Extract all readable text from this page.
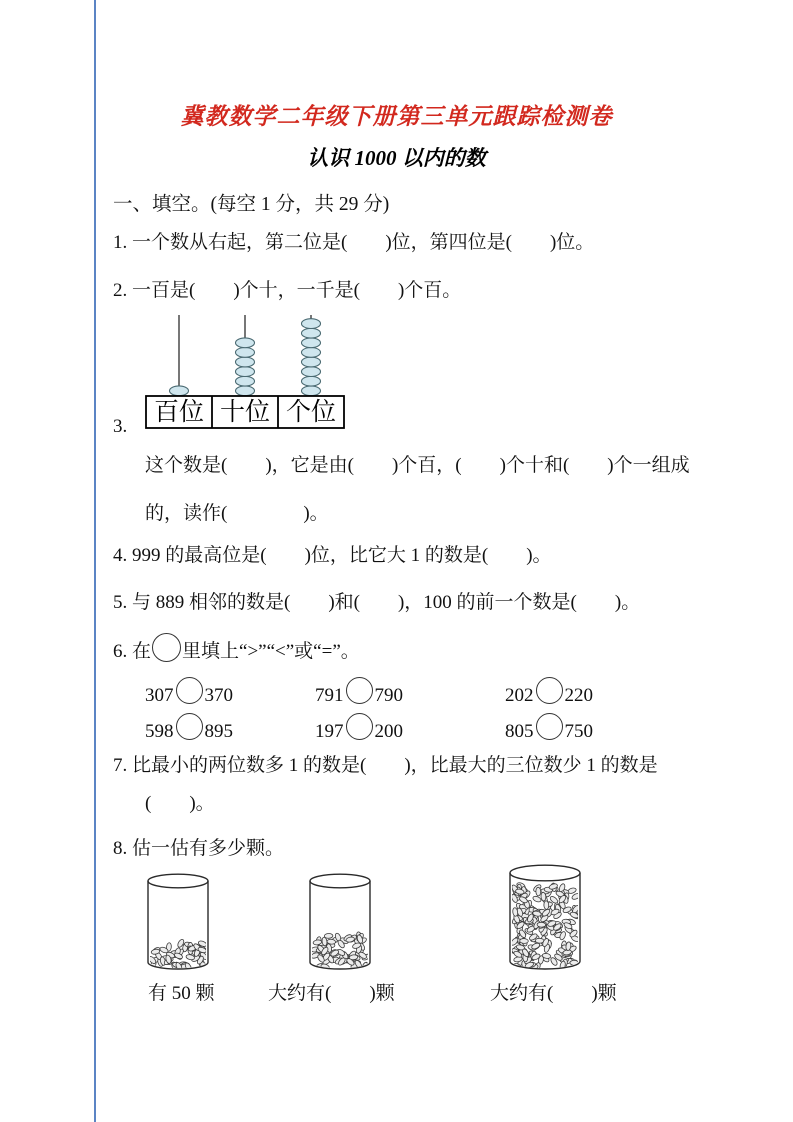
冀教数学二年级下册第三单元跟踪检测卷
认识 1000 以内的数
一、填空。(每空 1 分，共 29 分)
1. 一个数从右起，第二位是(　　)位，第四位是(　　)位。
2. 一百是(　　)个十，一千是(　　)个百。
百位 十位 个位
3.
这个数是(　　)，它是由(　　)个百，(　　)个十和(　　)个一组成
的，读作(　　　　)。
4. 999 的最高位是(　　)位，比它大 1 的数是(　　)。
5. 与 889 相邻的数是(　　)和(　　)，100 的前一个数是(　　)。
6. 在 里填上“>”“<”或“=”。
307 370	791 790	202 220
598 895	197 200	805 750
7. 比最小的两位数多 1 的数是(　　)，比最大的三位数少 1 的数是
(　　)。
8. 估一估有多少颗。
有 50 颗	大约有(　　)颗	大约有(　　)颗
